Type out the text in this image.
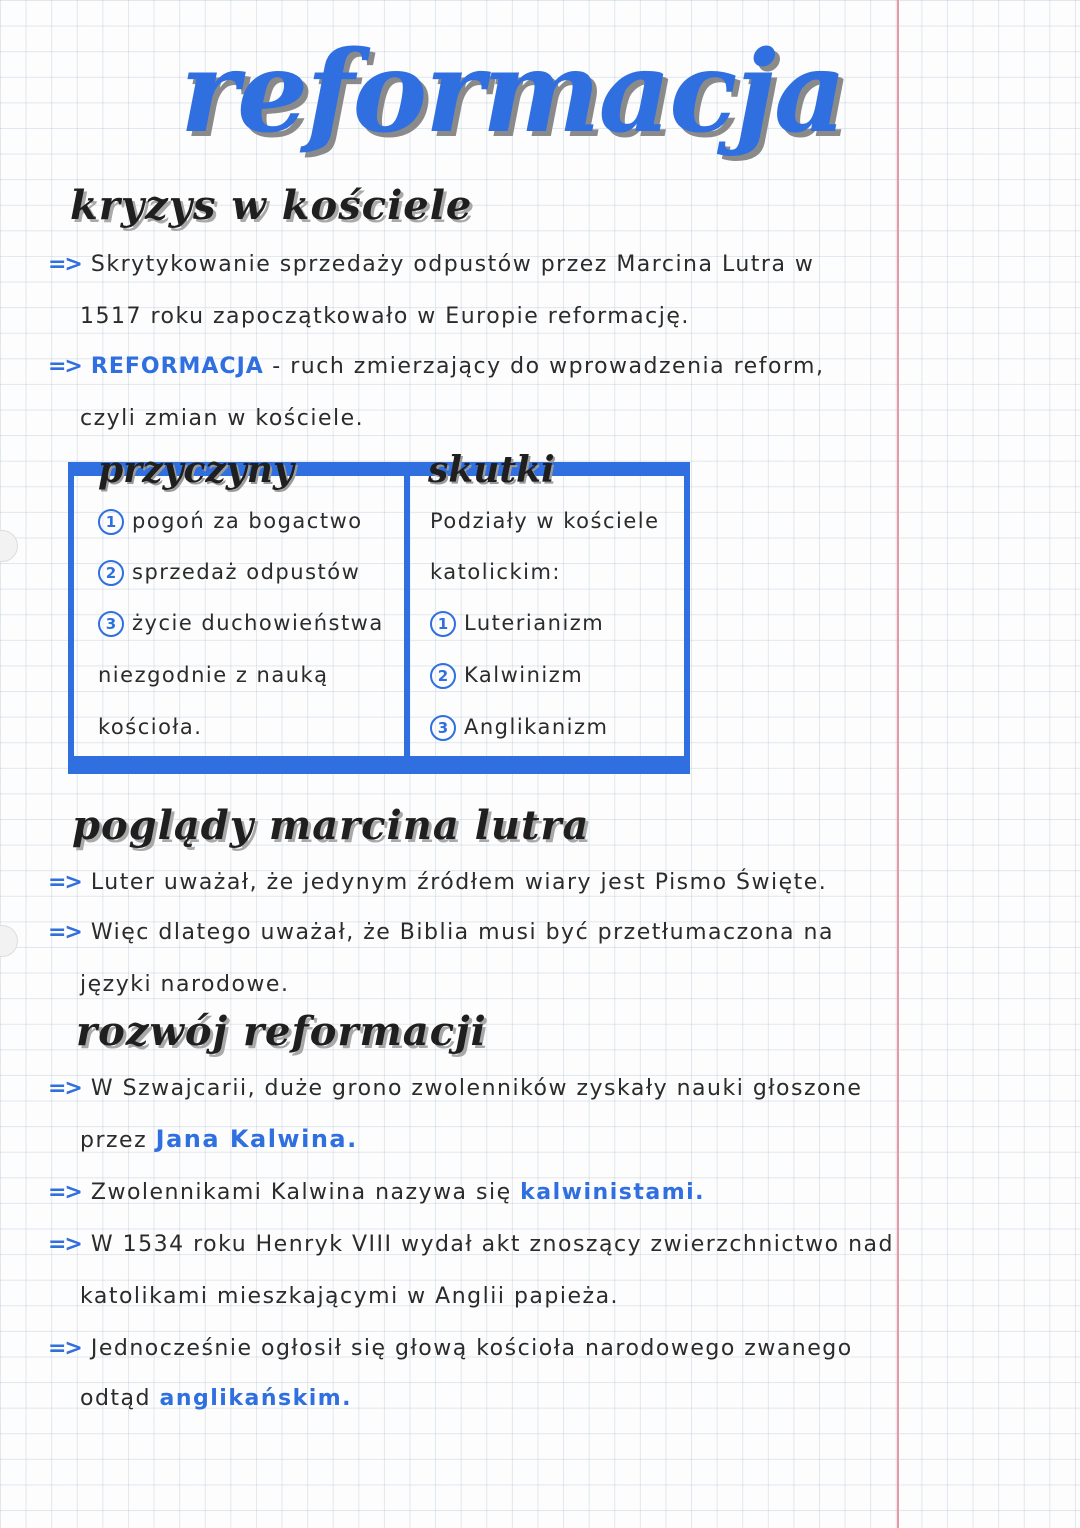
reformacja
kryzys w kościele
=> Skrytykowanie sprzedaży odpustów przez Marcina Lutra w
1517 roku zapoczątkowało w Europie reformację.
=> REFORMACJA - ruch zmierzający do wprowadzenia reform,
czyli zmian w kościele.
przyczyny	skutki
1 pogoń za bogactwo
2 sprzedaż odpustów
3 życie duchowieństwa
niezgodnie z nauką
kościoła.
Podziały w kościele
katolickim:
1 Luterianizm
2 Kalwinizm
3 Anglikanizm
poglądy marcina lutra
=> Luter uważał, że jedynym źródłem wiary jest Pismo Święte.
=> Więc dlatego uważał, że Biblia musi być przetłumaczona na
języki narodowe.
rozwój reformacji
=> W Szwajcarii, duże grono zwolenników zyskały nauki głoszone
przez Jana Kalwina.
=> Zwolennikami Kalwina nazywa się kalwinistami.
=> W 1534 roku Henryk VIII wydał akt znoszący zwierzchnictwo nad
katolikami mieszkającymi w Anglii papieża.
=> Jednocześnie ogłosił się głową kościoła narodowego zwanego
odtąd anglikańskim.
